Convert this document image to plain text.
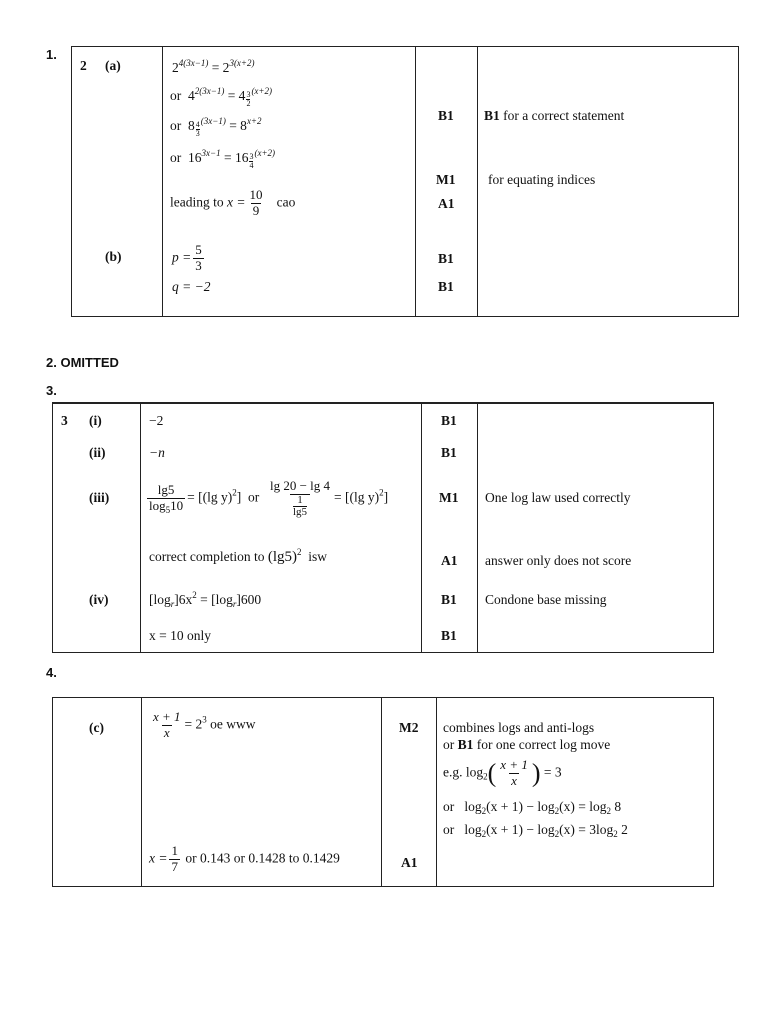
1.
2 (a)
(b)
$2^{4(3x-1)} = 2^{3(x+2)}$
or $4^{2(3x-1)} = 4 \frac{3}{2} ^{(x+2)}$
or $8 \frac{4}{3} ^{(3x-1)} = 8^{x+2}$
or $16^{3x-1} = 16 \frac{3}{4} ^{(x+2)}$
leading to $x = \frac{10}{9}$ cao
$p = \frac{5}{3}$
q = −2
B1
M1
A1
B1
B1
B1 for a correct statement
for equating indices
2. OMITTED
3.
3 (i)
(ii)
(iii)
(iv)
−2
−n
$\frac{\lg 5}{\log_510} = [(\lg$ y)$^2$] or $\frac{\lg 20 - \lg 4}{\frac{1}{\lg 5}} = [(\lg$ y)$^2$]
correct completion to $(\lg 5)^2$ isw
$[\log_r]6x^2 = [\log_r]600$
x = 10 only
B1
B1
M1
A1
B1
B1
One log law used correctly
answer only does not score
Condone base missing
4.
(c)	$\frac{x + 1}{x} = 2^3$ oe www
$x = \frac{1}{7}$ or 0.143 or 0.1428 to 0.1429
M2
A1
combines logs and anti-logs
or B1 for one correct log move
e.g. $\log_2( \frac{x + 1}{x}$ ) = 3
or $\log_2(x + 1) - \log_2(x) = \log_2 8$
or $\log_2(x + 1) - \log_2(x) = 3\log_2$ 2
